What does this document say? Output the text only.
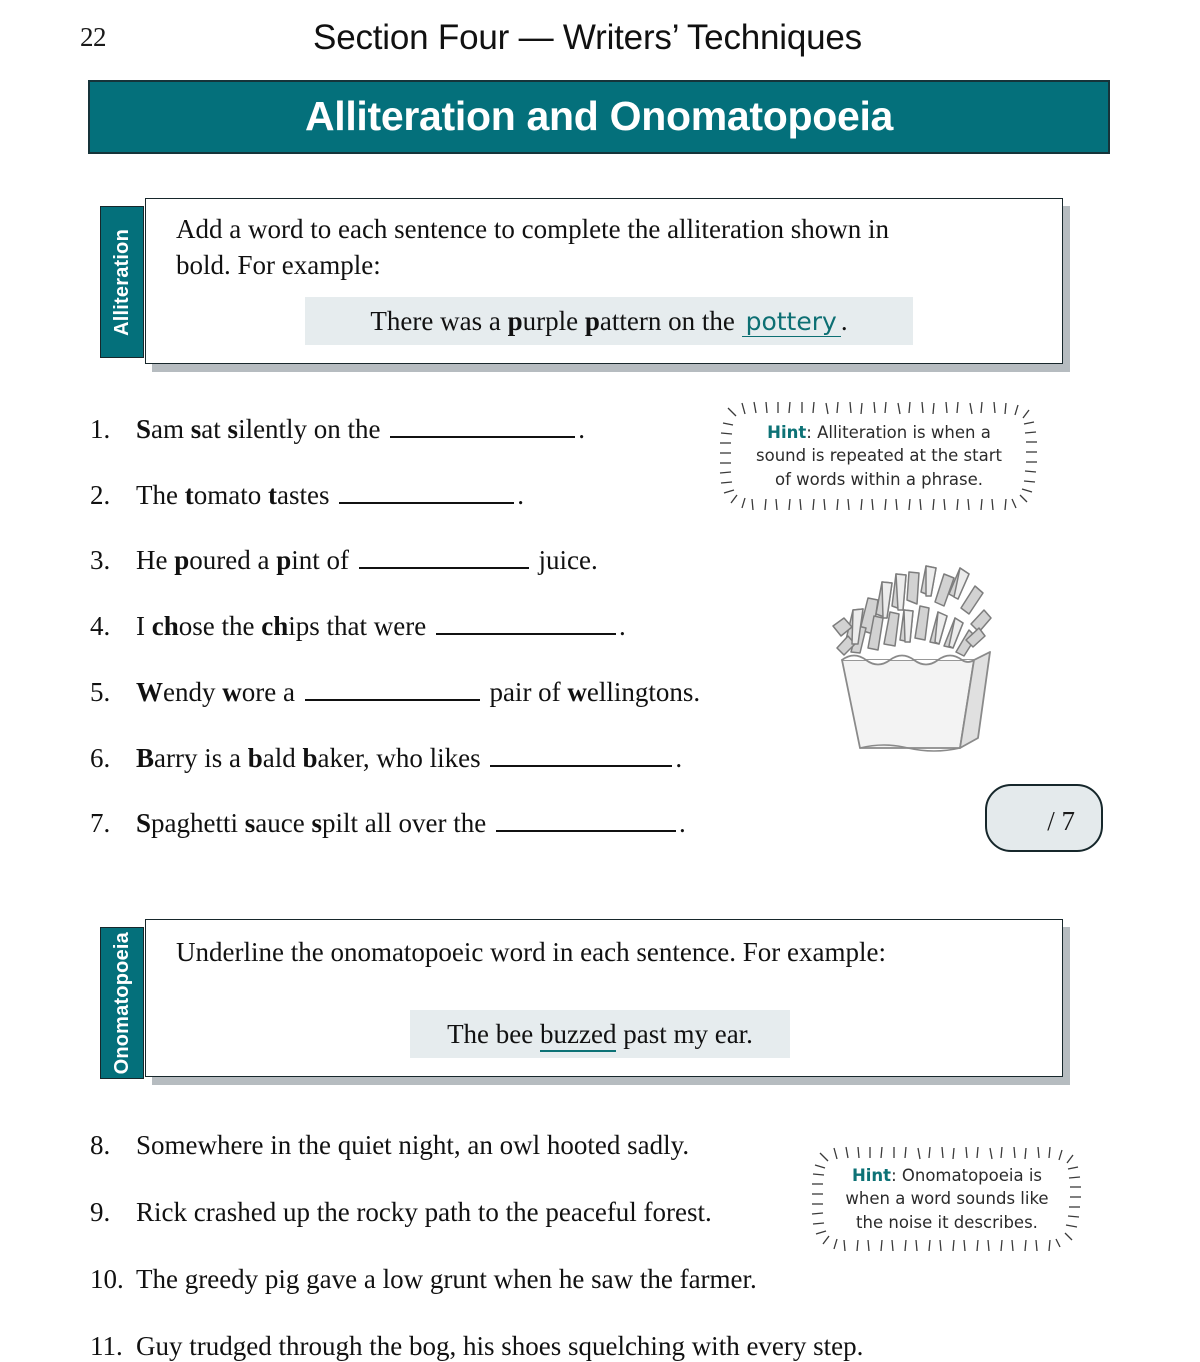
22	Section Four — Writers’ Techniques
Alliteration and Onomatopoeia
Alliteration Add a word to each sentence to complete the alliteration shown in
bold. For example:
There was a purple pattern on the pottery .
1. Sam sat silently on the	.
2. The tomato tastes	.
3. He poured a pint of	juice.
4. I chose the chips that were	.
5. Wendy wore a	pair of wellingtons.
6. Barry is a bald baker, who likes	.
7. Spaghetti sauce spilt all over the	.
Hint: Alliteration is when a
sound is repeated at the start
of words within a phrase.
/ 7
Onomatopoeia Underline the onomatopoeic word in each sentence. For example:
The bee buzzed past my ear.
8. Somewhere in the quiet night, an owl hooted sadly.
9. Rick crashed up the rocky path to the peaceful forest.
10. The greedy pig gave a low grunt when he saw the farmer.
11. Guy trudged through the bog, his shoes squelching with every step.
Hint: Onomatopoeia is
when a word sounds like
the noise it describes.
